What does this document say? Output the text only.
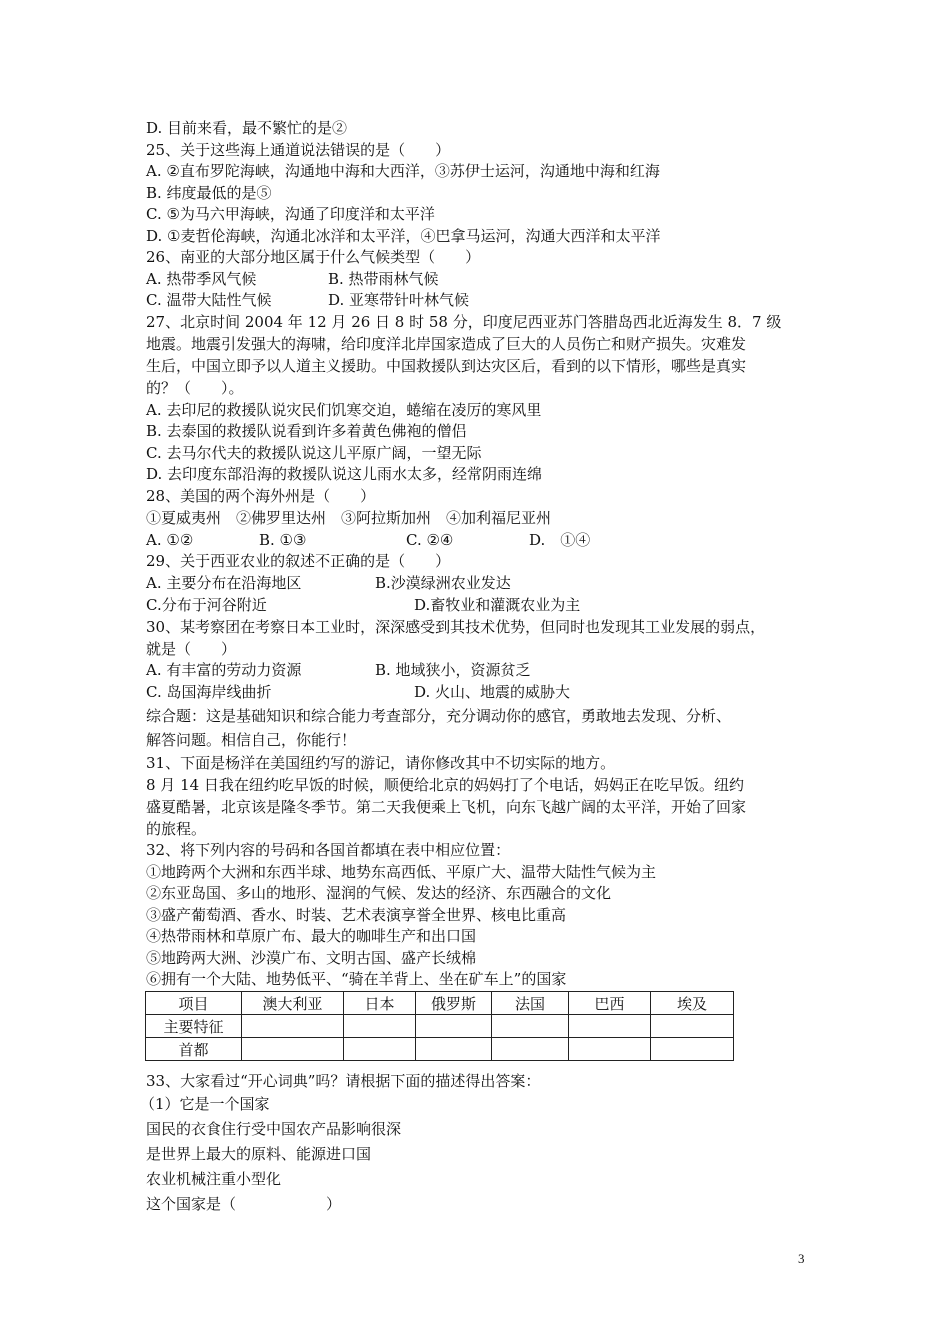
D. 目前来看，最不繁忙的是②
25、关于这些海上通道说法错误的是（　　）
A. ②直布罗陀海峡，沟通地中海和大西洋，③苏伊士运河，沟通地中海和红海
B. 纬度最低的是⑤
C. ⑤为马六甲海峡，沟通了印度洋和太平洋
D. ①麦哲伦海峡，沟通北冰洋和太平洋，④巴拿马运河，沟通大西洋和太平洋
26、南亚的大部分地区属于什么气候类型（　　）

A. 热带季风气候

	B. 热带雨林气候

C. 温带大陆性气候

	D. 亚寒带针叶林气候

27、北京时间 2004 年 12 月 26 日 8 时 58 分，印度尼西亚苏门答腊岛西北近海发生 8．7 级
地震。地震引发强大的海啸，给印度洋北岸国家造成了巨大的人员伤亡和财产损失。灾难发
生后，中国立即予以人道主义援助。中国救援队到达灾区后，看到的以下情形，哪些是真实
的？（　　）。
A. 去印尼的救援队说灾民们饥寒交迫，蜷缩在凌厉的寒风里
B. 去泰国的救援队说看到许多着黄色佛袍的僧侣
C. 去马尔代夫的救援队说这儿平原广阔，一望无际
D. 去印度东部沿海的救援队说这儿雨水太多，经常阴雨连绵
28、美国的两个海外州是（　　）
①夏威夷州　②佛罗里达州　③阿拉斯加州　④加利福尼亚州

A. ①②

	B. ①③

	C. ②④

	D.　①④

29、关于西亚农业的叙述不正确的是（　　）

A. 主要分布在沿海地区

	B.沙漠绿洲农业发达

C.分布于河谷附近

	D.畜牧业和灌溉农业为主

30、某考察团在考察日本工业时，深深感受到其技术优势，但同时也发现其工业发展的弱点，
就是（　　）

A. 有丰富的劳动力资源

	B. 地域狭小，资源贫乏

C. 岛国海岸线曲折

	D. 火山、地震的威胁大

综合题：这是基础知识和综合能力考查部分，充分调动你的感官，勇敢地去发现、分析、
解答问题。相信自己，你能行！
31、下面是杨洋在美国纽约写的游记，请你修改其中不切实际的地方。
8 月 14 日我在纽约吃早饭的时候，顺便给北京的妈妈打了个电话，妈妈正在吃早饭。纽约
盛夏酷暑，北京该是隆冬季节。第二天我便乘上飞机，向东飞越广阔的太平洋，开始了回家
的旅程。
32、将下列内容的号码和各国首都填在表中相应位置：
①地跨两个大洲和东西半球、地势东高西低、平原广大、温带大陆性气候为主
②东亚岛国、多山的地形、湿润的气候、发达的经济、东西融合的文化
③盛产葡萄酒、香水、时装、艺术表演享誉全世界、核电比重高
④热带雨林和草原广布、最大的咖啡生产和出口国
⑤地跨两大洲、沙漠广布、文明古国、盛产长绒棉
⑥拥有一个大陆、地势低平、“骑在羊背上、坐在矿车上”的国家
项目	澳大利亚	日本	俄罗斯	法国	巴西	埃及
主要特征						
首都						
33、大家看过“开心词典”吗？请根据下面的描述得出答案：
（1）它是一个国家
国民的衣食住行受中国农产品影响很深
是世界上最大的原料、能源进口国
农业机械注重小型化
这个国家是（　　　　　　）
3
